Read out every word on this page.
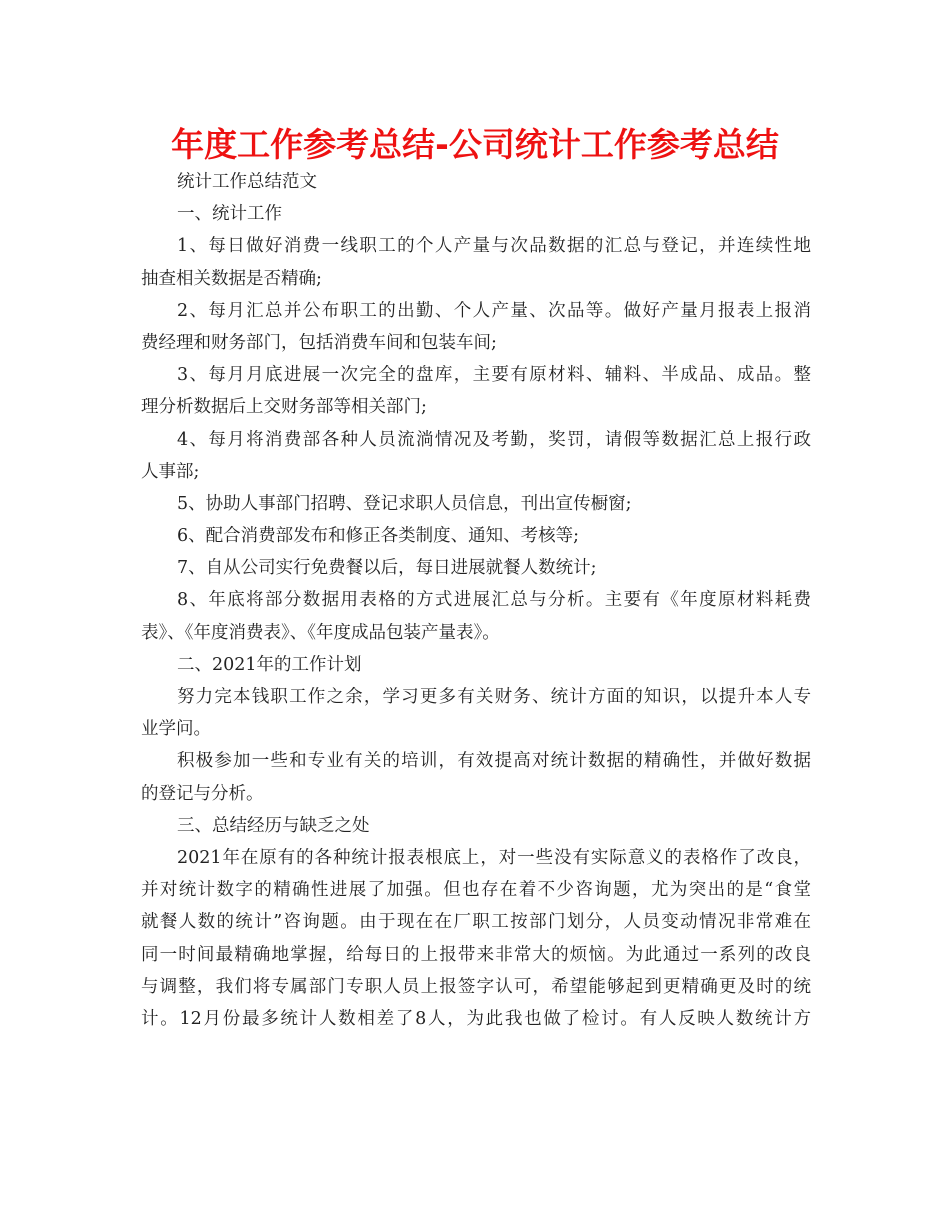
年度工作参考总结-公司统计工作参考总结
统计工作总结范文
一、统计工作
1、每日做好消费一线职工的个人产量与次品数据的汇总与登记，并连续性地
抽查相关数据是否精确;
2、每月汇总并公布职工的出勤、个人产量、次品等。做好产量月报表上报消
费经理和财务部门，包括消费车间和包装车间;
3、每月月底进展一次完全的盘库，主要有原材料、辅料、半成品、成品。整
理分析数据后上交财务部等相关部门;
4、每月将消费部各种人员流淌情况及考勤，奖罚，请假等数据汇总上报行政
人事部;
5、协助人事部门招聘、登记求职人员信息，刊出宣传橱窗;
6、配合消费部发布和修正各类制度、通知、考核等;
7、自从公司实行免费餐以后，每日进展就餐人数统计;
8、年底将部分数据用表格的方式进展汇总与分析。主要有《年度原材料耗费
表》、《年度消费表》、《年度成品包装产量表》。
二、2021年的工作计划
努力完本钱职工作之余，学习更多有关财务、统计方面的知识，以提升本人专
业学问。
积极参加一些和专业有关的培训，有效提高对统计数据的精确性，并做好数据
的登记与分析。
三、总结经历与缺乏之处
2021年在原有的各种统计报表根底上，对一些没有实际意义的表格作了改良，
并对统计数字的精确性进展了加强。但也存在着不少咨询题，尤为突出的是“食堂
就餐人数的统计”咨询题。由于现在在厂职工按部门划分，人员变动情况非常难在
同一时间最精确地掌握，给每日的上报带来非常大的烦恼。为此通过一系列的改良
与调整，我们将专属部门专职人员上报签字认可，希望能够起到更精确更及时的统
计。12月份最多统计人数相差了8人，为此我也做了检讨。有人反映人数统计方
